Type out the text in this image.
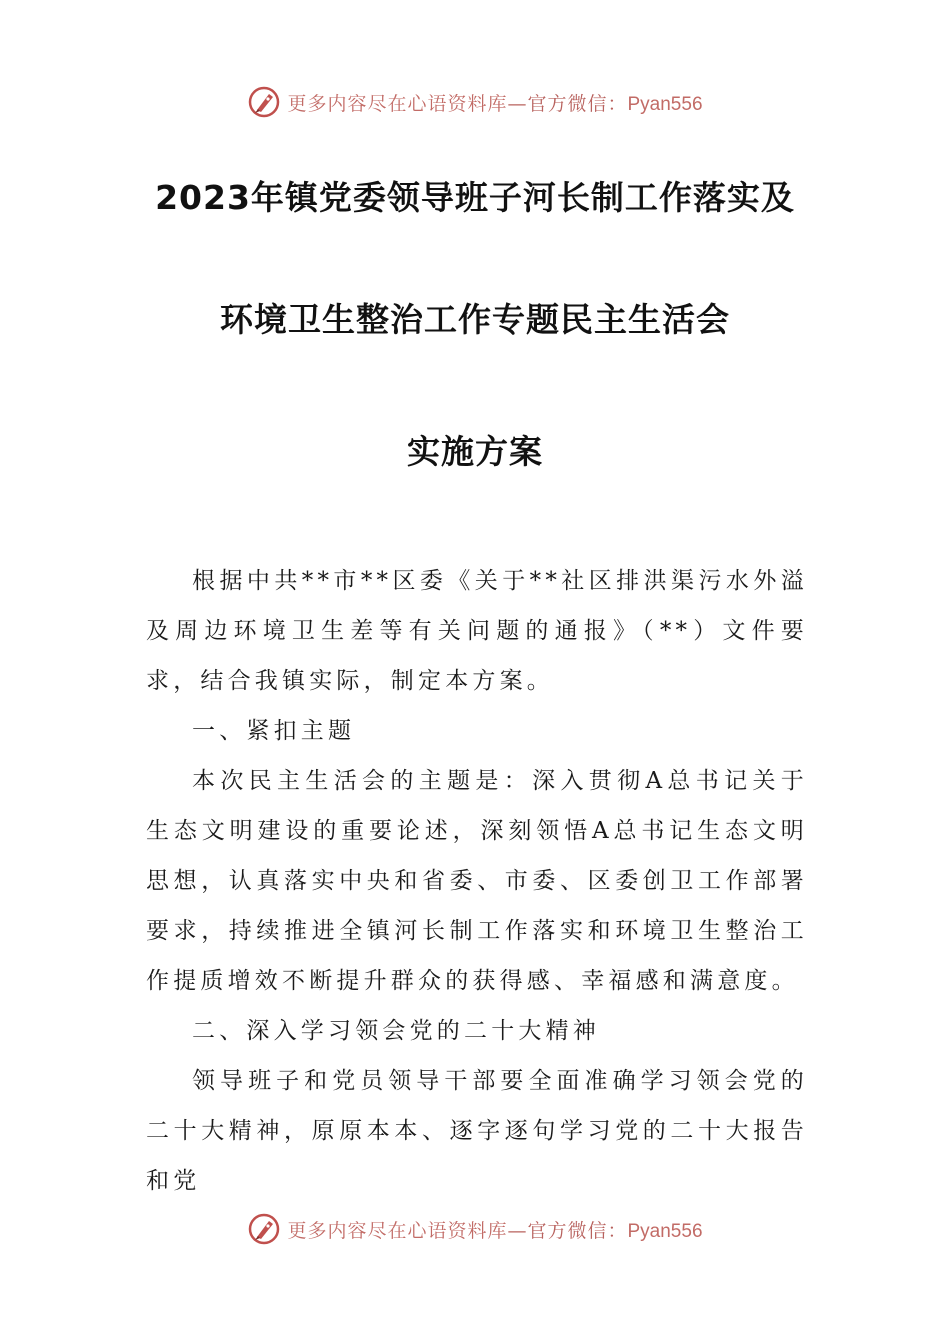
更多内容尽在心语资料库—官方微信：Pyan556
2023年镇党委领导班子河长制工作落实及
环境卫生整治工作专题民主生活会
实施方案

根据中共**市**区委《关于**社区排洪渠污水外溢及周边环境卫生差等有关问题的通报》（**）文件要求，结合我镇实际，制定本方案。

一、紧扣主题

本次民主生活会的主题是：深入贯彻A总书记关于生态文明建设的重要论述，深刻领悟A总书记生态文明思想，认真落实中央和省委、市委、区委创卫工作部署要求，持续推进全镇河长制工作落实和环境卫生整治工作提质增效不断提升群众的获得感、幸福感和满意度。

二、深入学习领会党的二十大精神

领导班子和党员领导干部要全面准确学习领会党的二十大精神，原原本本、逐字逐句学习党的二十大报告和党

更多内容尽在心语资料库—官方微信：Pyan556
